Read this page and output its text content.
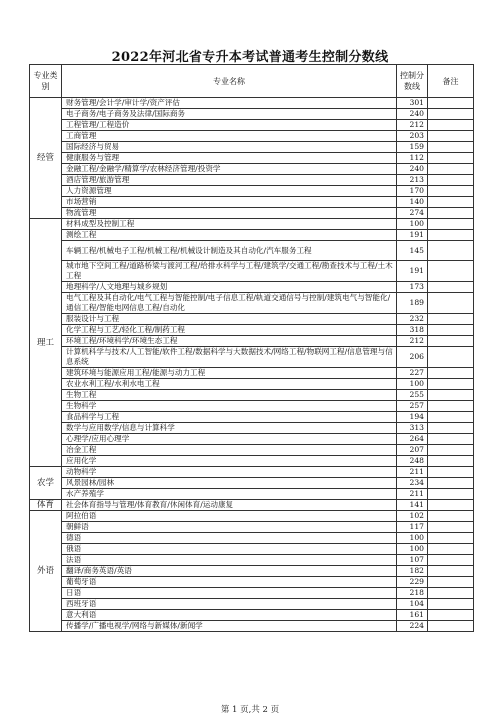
2022年河北省专升本考试普通考生控制分数线
专业类别	专业名称	控制分数线	备注
经管	财务管理/会计学/审计学/资产评估	301	
	电子商务/电子商务及法律/国际商务	240	
	工程管理/工程造价	212	
	工商管理	203	
	国际经济与贸易	159	
	健康服务与管理	112	
	金融工程/金融学/精算学/农林经济管理/投资学	240	
	酒店管理/旅游管理	213	
	人力资源管理	170	
	市场营销	140	
	物流管理	274	
理工	材料成型及控制工程	100	
	测绘工程	191	
	车辆工程/机械电子工程/机械工程/机械设计制造及其自动化/汽车服务工程	145	
	城市地下空间工程/道路桥梁与渡河工程/给排水科学与工程/建筑学/交通工程/勘查技术与工程/土木工程	191	
	地理科学/人文地理与城乡规划	173	
	电气工程及其自动化/电气工程与智能控制/电子信息工程/轨道交通信号与控制/建筑电气与智能化/通信工程/智能电网信息工程/自动化	189	
	服装设计与工程	232	
	化学工程与工艺/轻化工程/制药工程	318	
	环境工程/环境科学/环境生态工程	212	
	计算机科学与技术/人工智能/软件工程/数据科学与大数据技术/网络工程/物联网工程/信息管理与信息系统	206	
	建筑环境与能源应用工程/能源与动力工程	227	
	农业水利工程/水利水电工程	100	
	生物工程	255	
	生物科学	257	
	食品科学与工程	194	
	数学与应用数学/信息与计算科学	313	
	心理学/应用心理学	264	
	冶金工程	207	
	应用化学	248	
农学	动物科学	211	
	风景园林/园林	234	
	水产养殖学	211	
体育	社会体育指导与管理/体育教育/休闲体育/运动康复	141	
外语	阿拉伯语	102	
	朝鲜语	117	
	德语	100	
	俄语	100	
	法语	107	
	翻译/商务英语/英语	182	
	葡萄牙语	229	
	日语	218	
	西班牙语	104	
	意大利语	161	
	传播学/广播电视学/网络与新媒体/新闻学	224	
第 1 页,共 2 页
